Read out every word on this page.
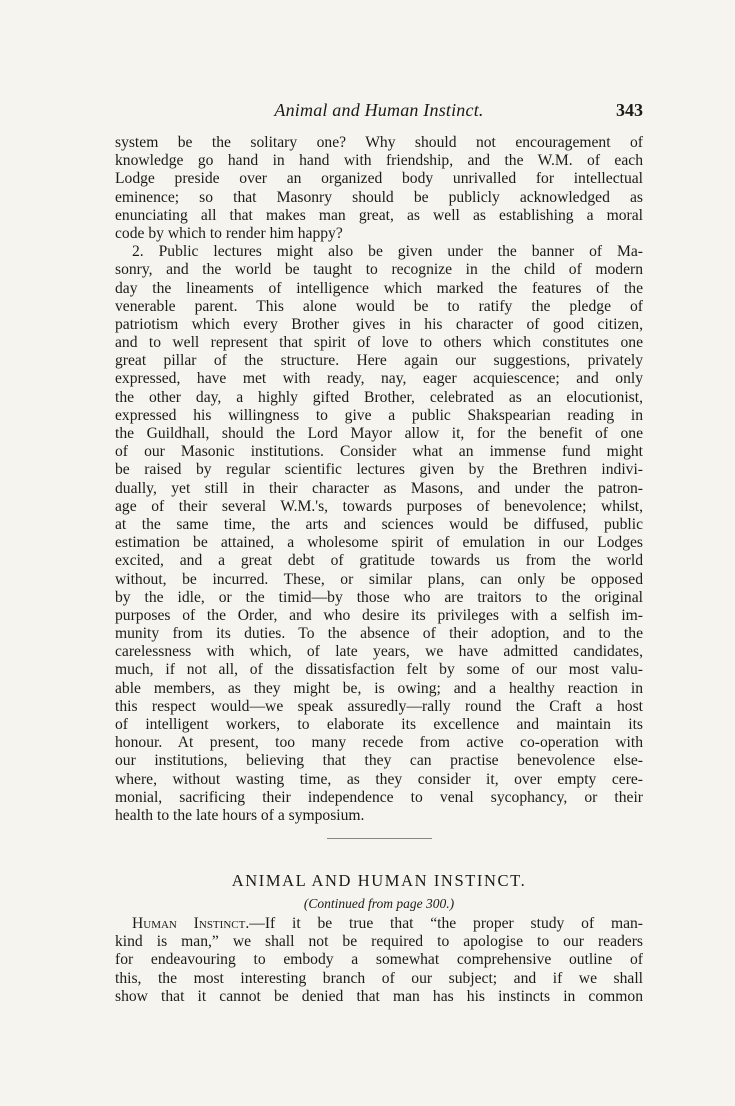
Animal and Human Instinct.	343
system be the solitary one? Why should not encouragement of
knowledge go hand in hand with friendship, and the W.M. of each
Lodge preside over an organized body unrivalled for intellectual
eminence; so that Masonry should be publicly acknowledged as
enunciating all that makes man great, as well as establishing a moral
code by which to render him happy?
2. Public lectures might also be given under the banner of Ma-
sonry, and the world be taught to recognize in the child of modern
day the lineaments of intelligence which marked the features of the
venerable parent. This alone would be to ratify the pledge of
patriotism which every Brother gives in his character of good citizen,
and to well represent that spirit of love to others which constitutes one
great pillar of the structure. Here again our suggestions, privately
expressed, have met with ready, nay, eager acquiescence; and only
the other day, a highly gifted Brother, celebrated as an elocutionist,
expressed his willingness to give a public Shakspearian reading in
the Guildhall, should the Lord Mayor allow it, for the benefit of one
of our Masonic institutions. Consider what an immense fund might
be raised by regular scientific lectures given by the Brethren indivi-
dually, yet still in their character as Masons, and under the patron-
age of their several W.M.'s, towards purposes of benevolence; whilst,
at the same time, the arts and sciences would be diffused, public
estimation be attained, a wholesome spirit of emulation in our Lodges
excited, and a great debt of gratitude towards us from the world
without, be incurred. These, or similar plans, can only be opposed
by the idle, or the timid—by those who are traitors to the original
purposes of the Order, and who desire its privileges with a selfish im-
munity from its duties. To the absence of their adoption, and to the
carelessness with which, of late years, we have admitted candidates,
much, if not all, of the dissatisfaction felt by some of our most valu-
able members, as they might be, is owing; and a healthy reaction in
this respect would—we speak assuredly—rally round the Craft a host
of intelligent workers, to elaborate its excellence and maintain its
honour. At present, too many recede from active co-operation with
our institutions, believing that they can practise benevolence else-
where, without wasting time, as they consider it, over empty cere-
monial, sacrificing their independence to venal sycophancy, or their
health to the late hours of a symposium.
ANIMAL AND HUMAN INSTINCT.
(Continued from page 300.)
Human Instinct.—If it be true that “the proper study of man-
kind is man,” we shall not be required to apologise to our readers
for endeavouring to embody a somewhat comprehensive outline of
this, the most interesting branch of our subject; and if we shall
show that it cannot be denied that man has his instincts in common
